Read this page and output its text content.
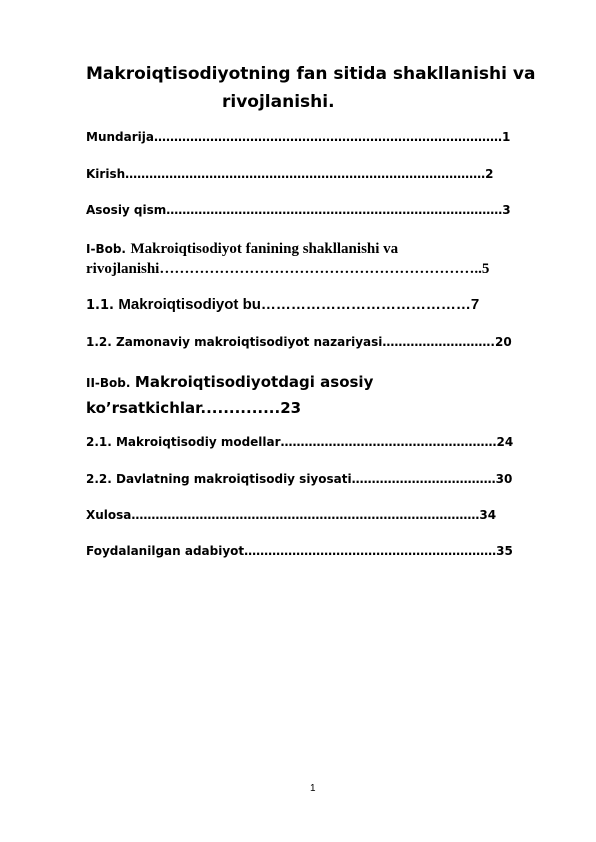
Makroiqtisodiyotning fan sitida shakllanishi va
rivojlanishi.
Mundarija……………………………………………………………………………1
Kirish………………………………………………………………………………2
Asosiy qism…………………………………………………………………………3
I-Bob. Makroiqtisodiyot fanining shakllanishi va
rivojlanishi………………………………………………………..5
1.1. Makroiqtisodiyot bu……………………………………7
1.2. Zamonaviy makroiqtisodiyot nazariyasi……………………….20
II-Bob. Makroiqtisodiyotdagi asosiy
ko’rsatkichlar..............23
2.1. Makroiqtisodiy modellar………………………………………………24
2.2. Davlatning makroiqtisodiy siyosati………………………………30
Xulosa……………………………………………………………………………34
Foydalanilgan adabiyot………………………………………………………35
1
